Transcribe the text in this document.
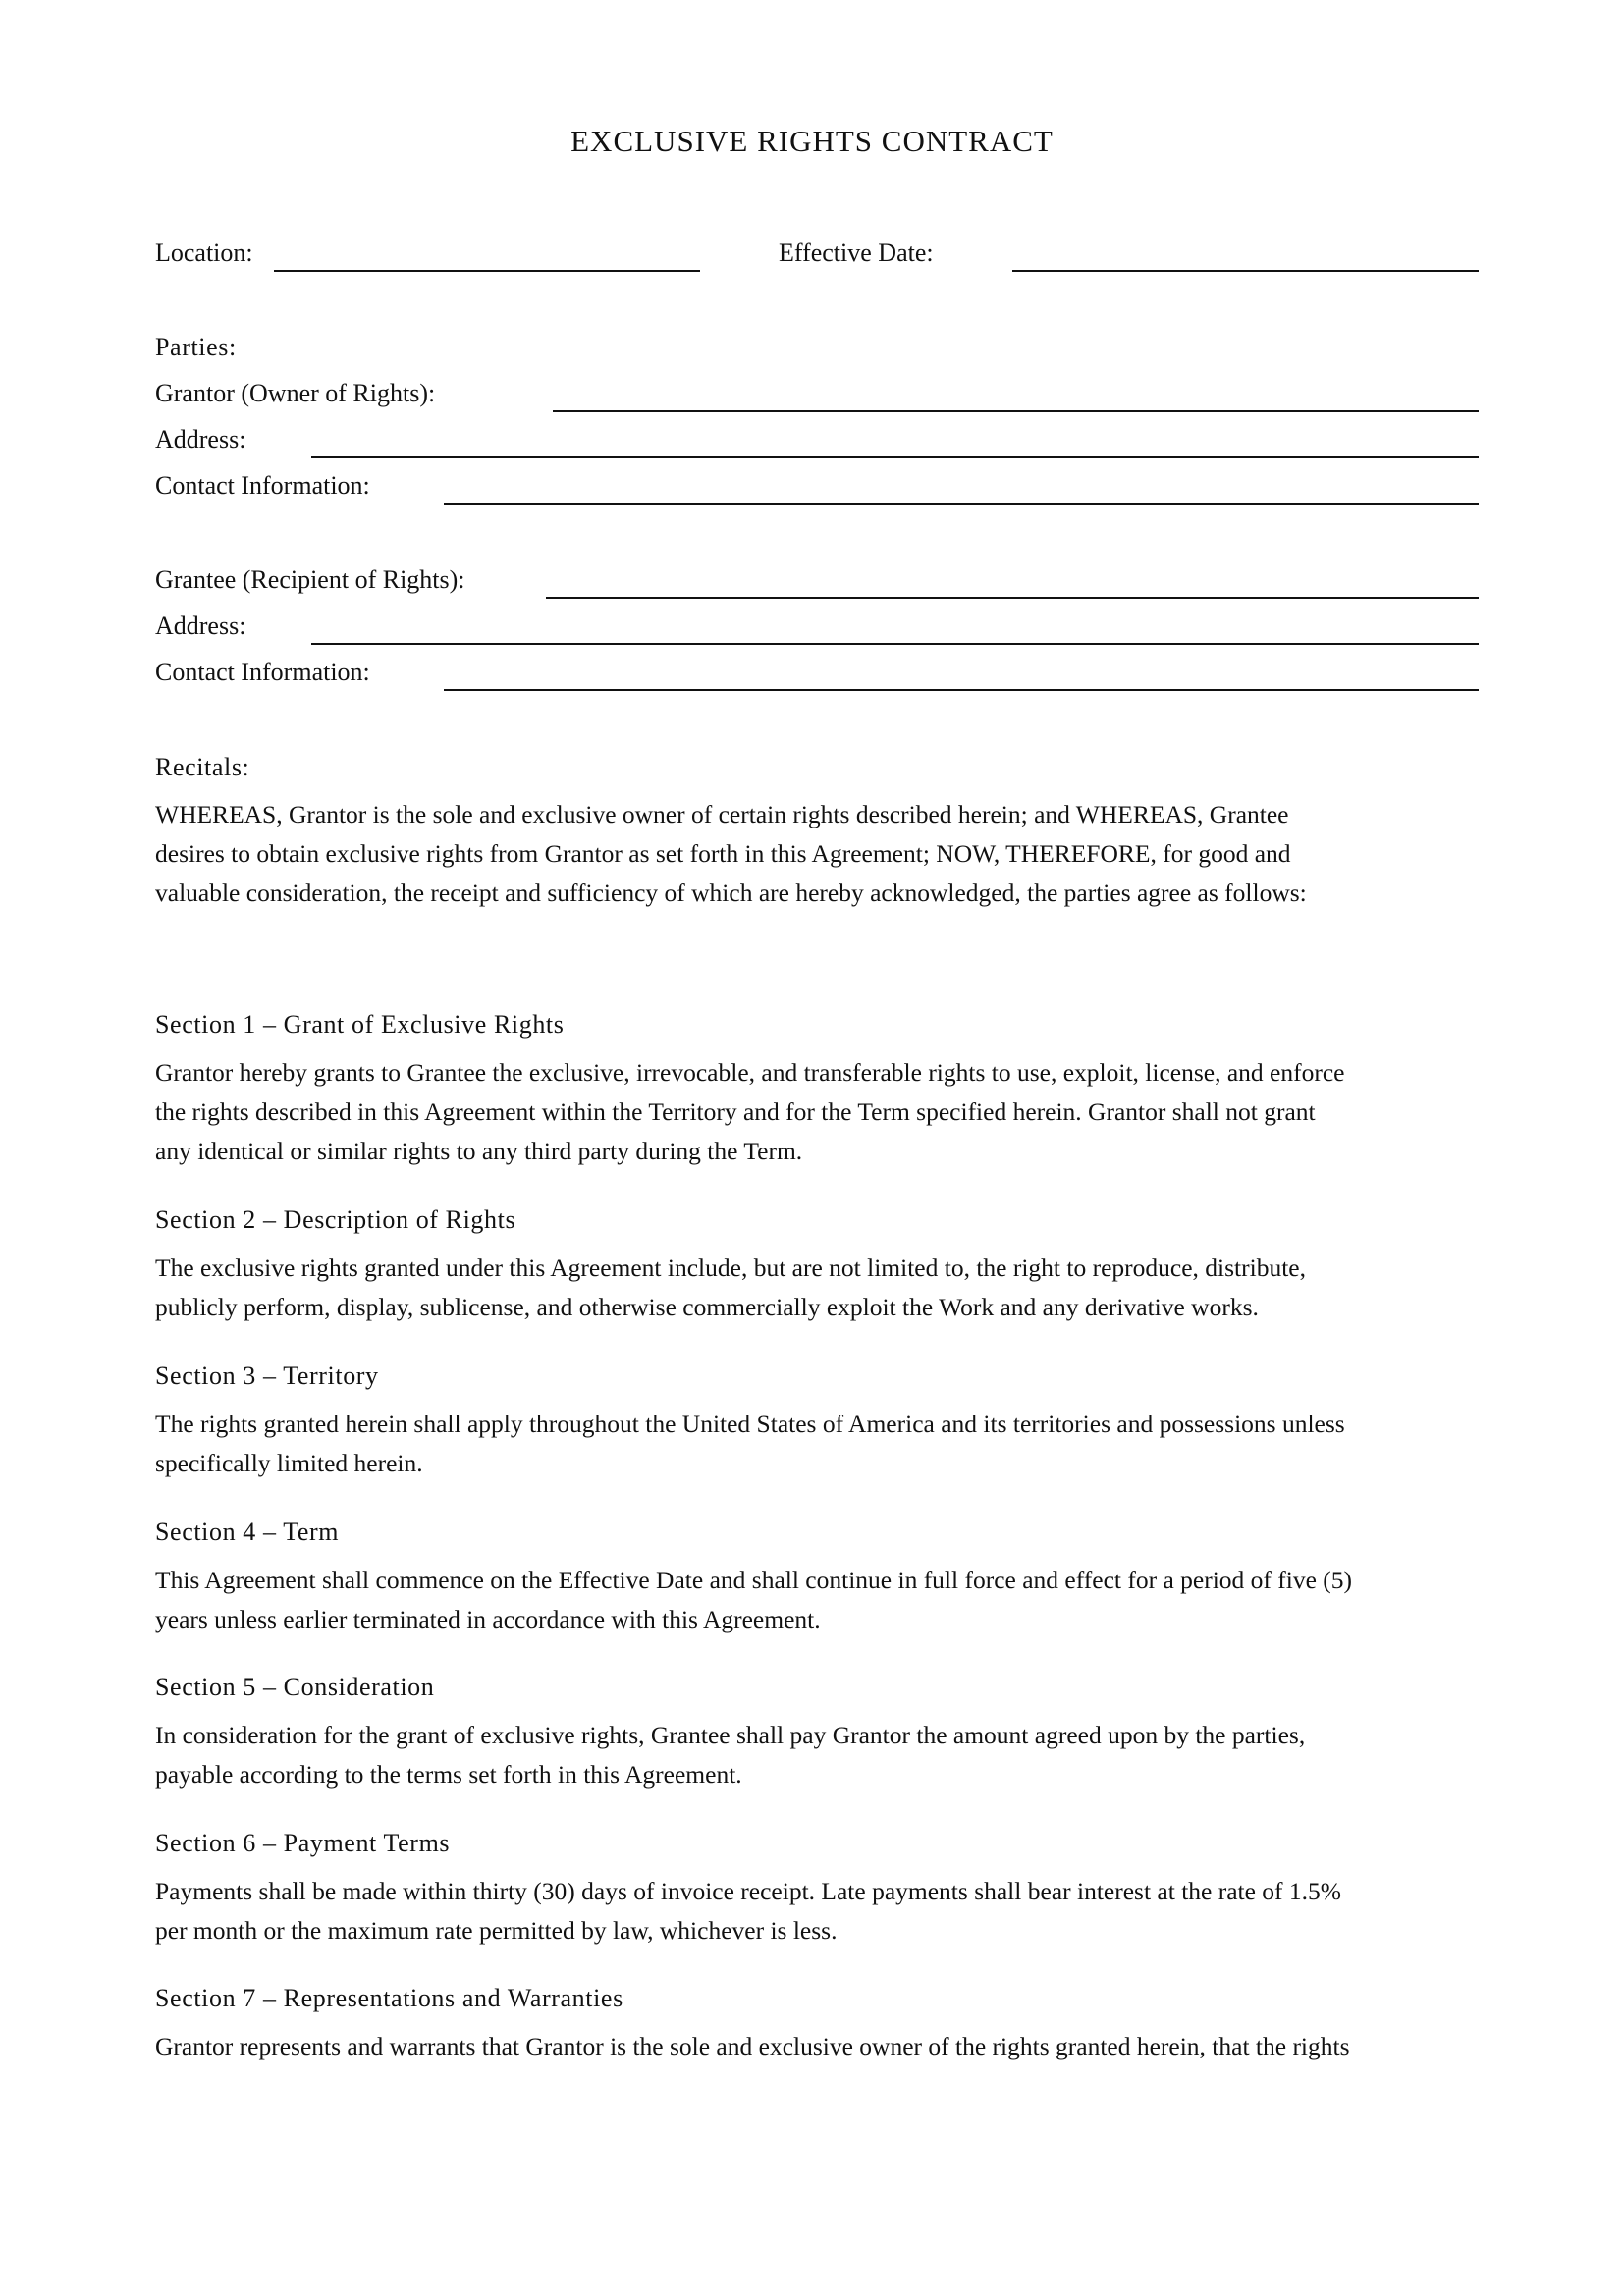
EXCLUSIVE RIGHTS CONTRACT
Location:	Effective Date:
Parties:
Grantor (Owner of Rights):
Address:
Contact Information:
Grantee (Recipient of Rights):
Address:
Contact Information:
Recitals:
WHEREAS, Grantor is the sole and exclusive owner of certain rights described herein; and WHEREAS, Grantee
desires to obtain exclusive rights from Grantor as set forth in this Agreement; NOW, THEREFORE, for good and
valuable consideration, the receipt and sufficiency of which are hereby acknowledged, the parties agree as follows:
Section 1 – Grant of Exclusive Rights
Grantor hereby grants to Grantee the exclusive, irrevocable, and transferable rights to use, exploit, license, and enforce
the rights described in this Agreement within the Territory and for the Term specified herein. Grantor shall not grant
any identical or similar rights to any third party during the Term.
Section 2 – Description of Rights
The exclusive rights granted under this Agreement include, but are not limited to, the right to reproduce, distribute,
publicly perform, display, sublicense, and otherwise commercially exploit the Work and any derivative works.
Section 3 – Territory
The rights granted herein shall apply throughout the United States of America and its territories and possessions unless
specifically limited herein.
Section 4 – Term
This Agreement shall commence on the Effective Date and shall continue in full force and effect for a period of five (5)
years unless earlier terminated in accordance with this Agreement.
Section 5 – Consideration
In consideration for the grant of exclusive rights, Grantee shall pay Grantor the amount agreed upon by the parties,
payable according to the terms set forth in this Agreement.
Section 6 – Payment Terms
Payments shall be made within thirty (30) days of invoice receipt. Late payments shall bear interest at the rate of 1.5%
per month or the maximum rate permitted by law, whichever is less.
Section 7 – Representations and Warranties
Grantor represents and warrants that Grantor is the sole and exclusive owner of the rights granted herein, that the rights
